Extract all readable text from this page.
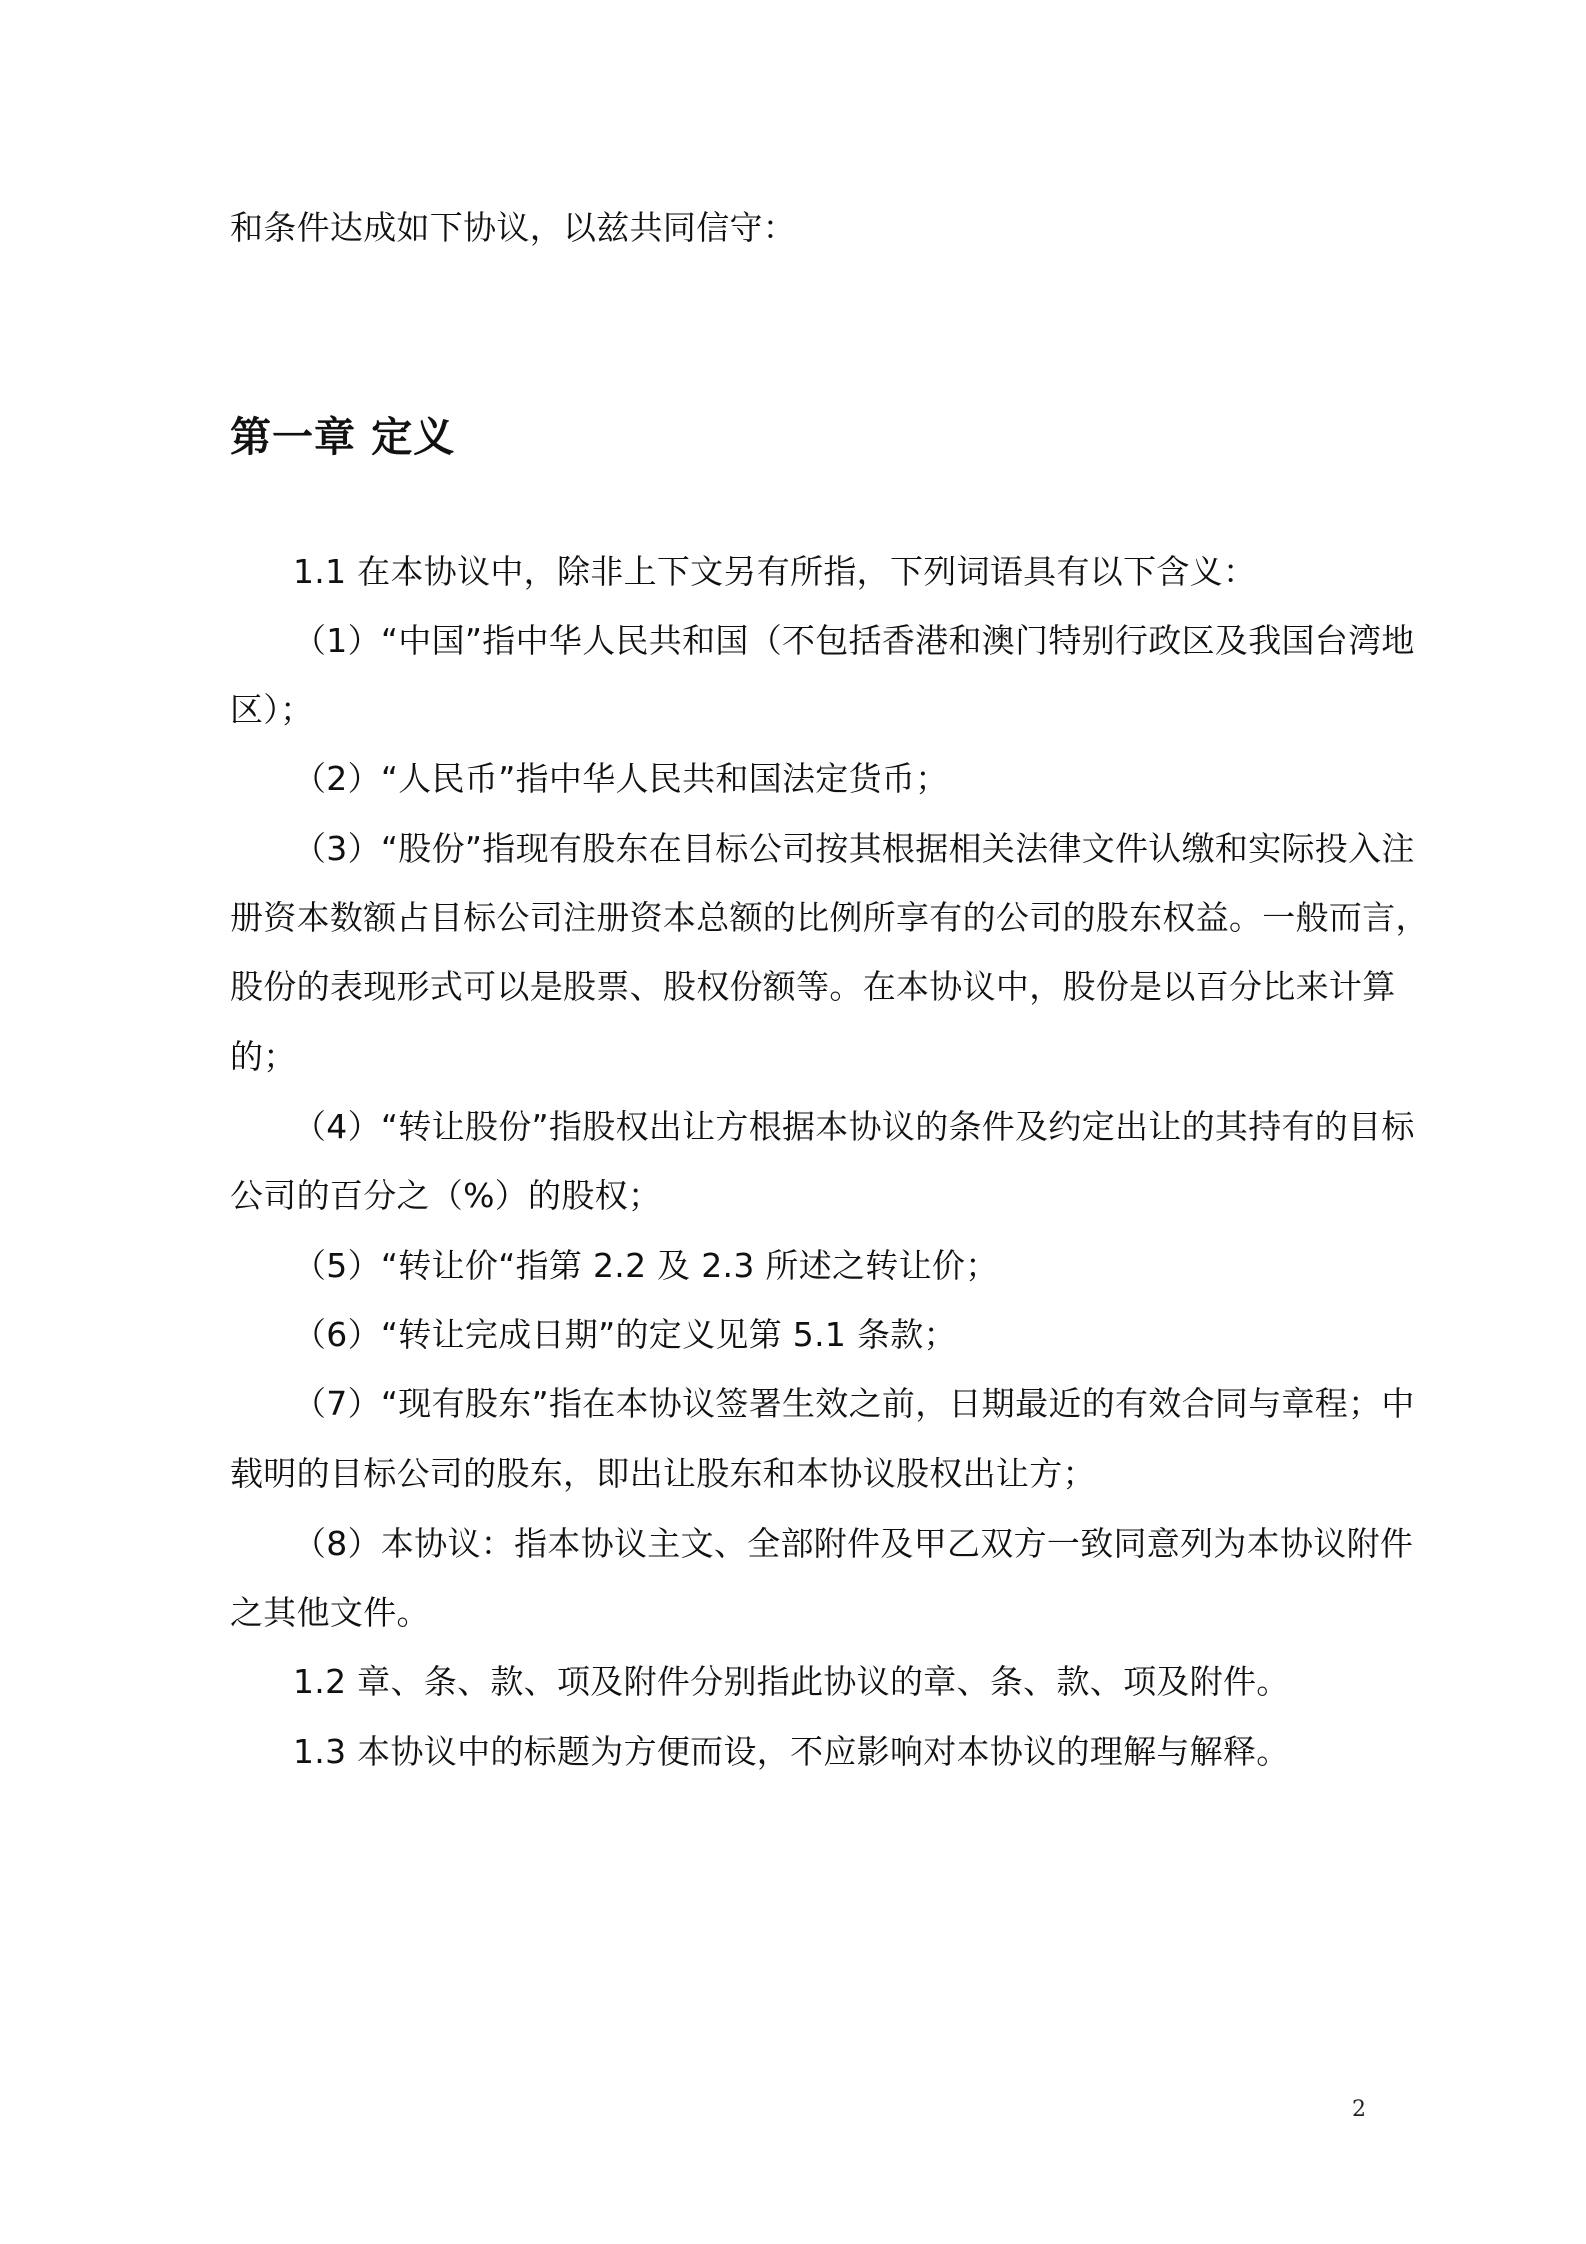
和条件达成如下协议，以兹共同信守：
第一章 定义
1.1 在本协议中，除非上下文另有所指，下列词语具有以下含义：
（1）“中国”指中华人民共和国（不包括香港和澳门特别行政区及我国台湾地
区）；
（2）“人民币”指中华人民共和国法定货币；
（3）“股份”指现有股东在目标公司按其根据相关法律文件认缴和实际投入注
册资本数额占目标公司注册资本总额的比例所享有的公司的股东权益。一般而言，
股份的表现形式可以是股票、股权份额等。在本协议中，股份是以百分比来计算
的；
（4）“转让股份”指股权出让方根据本协议的条件及约定出让的其持有的目标
公司的百分之（%）的股权；
（5）“转让价“指第 2.2 及 2.3 所述之转让价；
（6）“转让完成日期”的定义见第 5.1 条款；
（7）“现有股东”指在本协议签署生效之前，日期最近的有效合同与章程；中
载明的目标公司的股东，即出让股东和本协议股权出让方；
（8）本协议：指本协议主文、全部附件及甲乙双方一致同意列为本协议附件
之其他文件。
1.2 章、条、款、项及附件分别指此协议的章、条、款、项及附件。
1.3 本协议中的标题为方便而设，不应影响对本协议的理解与解释。
2
